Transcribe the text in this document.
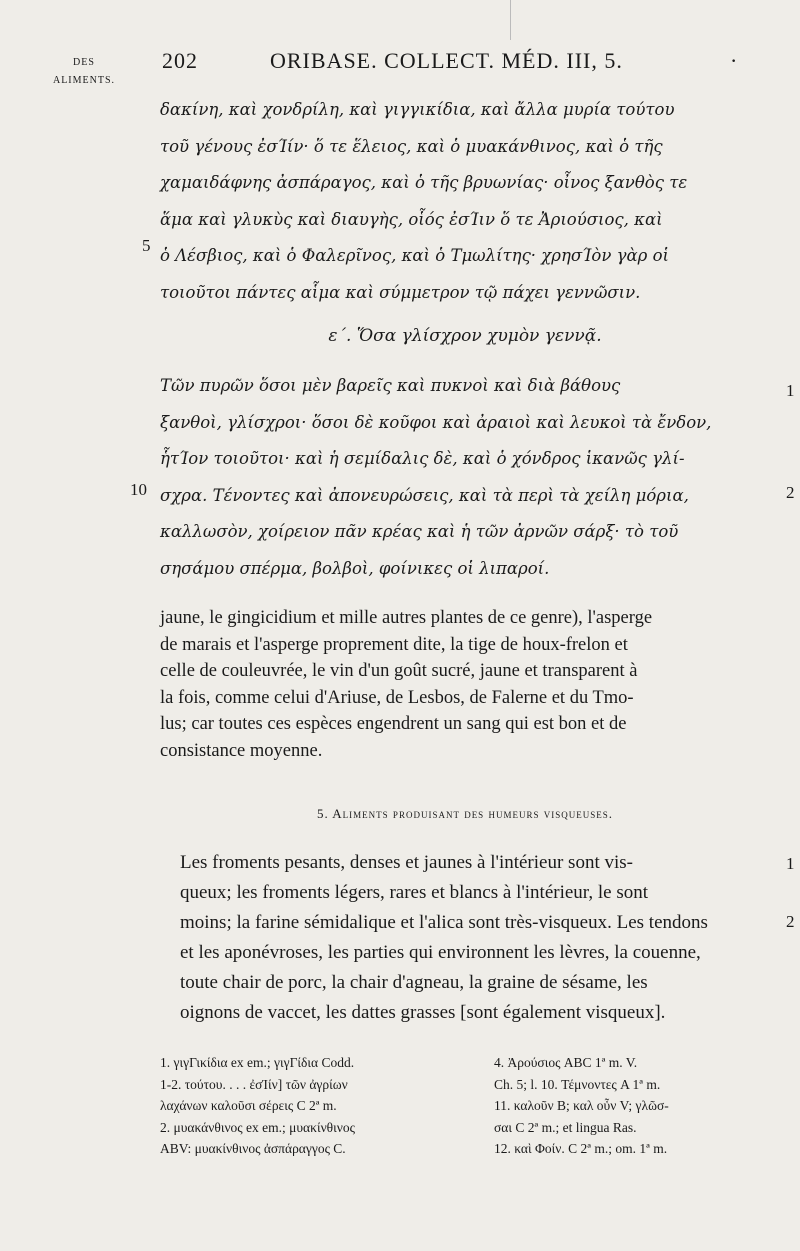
DES
ALIMENTS.
202	ORIBASE. COLLECT. MÉD. III, 5.	·
δακίνη, καὶ χονδρίλη, καὶ γιγγικίδια, καὶ ἄλλα μυρία τούτου
τοῦ γένους ἐσΊίν· ὅ τε ἕλειος, καὶ ὁ μυακάνθινος, καὶ ὁ τῆς
χαμαιδάφνης ἀσπάραγος, καὶ ὁ τῆς βρυωνίας· οἶνος ξανθὸς τε
ἅμα καὶ γλυκὺς καὶ διαυγὴς, οἷός ἐσΊιν ὅ τε Ἀριούσιος, καὶ
ὁ Λέσβιος, καὶ ὁ Φαλερῖνος, καὶ ὁ Τμωλίτης· χρησΊὸν γὰρ οἱ
τοιοῦτοι πάντες αἷμα καὶ σύμμετρον τῷ πάχει γεννῶσιν.
5
ε΄. Ὅσα γλίσχρον χυμὸν γεννᾷ.
Τῶν πυρῶν ὅσοι μὲν βαρεῖς καὶ πυκνοὶ καὶ διὰ βάθους
ξανθοὶ, γλίσχροι· ὅσοι δὲ κοῦφοι καὶ ἀραιοὶ καὶ λευκοὶ τὰ ἔνδον,
ἧτΊον τοιοῦτοι· καὶ ἡ σεμίδαλις δὲ, καὶ ὁ χόνδρος ἱκανῶς γλί-
σχρα. Τένοντες καὶ ἀπονευρώσεις, καὶ τὰ περὶ τὰ χείλη μόρια,
καλλωσὸν, χοίρειον πᾶν κρέας καὶ ἡ τῶν ἀρνῶν σάρξ· τὸ τοῦ
σησάμου σπέρμα, βολβοὶ, φοίνικες οἱ λιπαροί.
10
1
2
jaune, le gingicidium et mille autres plantes de ce genre), l'asperge
de marais et l'asperge proprement dite, la tige de houx-frelon et
celle de couleuvrée, le vin d'un goût sucré, jaune et transparent à
la fois, comme celui d'Ariuse, de Lesbos, de Falerne et du Tmo-
lus; car toutes ces espèces engendrent un sang qui est bon et de
consistance moyenne.
5. Aliments produisant des humeurs visqueuses.
Les froments pesants, denses et jaunes à l'intérieur sont vis-
queux; les froments légers, rares et blancs à l'intérieur, le sont
moins; la farine sémidalique et l'alica sont très-visqueux. Les tendons
et les aponévroses, les parties qui environnent les lèvres, la couenne,
toute chair de porc, la chair d'agneau, la graine de sésame, les
oignons de vaccet, les dattes grasses [sont également visqueux].
1
2
1. γιγΓικίδια ex em.; γιγΓίδια Codd.
1-2. τούτου. . . . ἐσΊίν] τῶν ἀγρίων
λαχάνων καλοῦσι σέρεις C 2ª m.
2. μυακάνθινος ex em.; μυακίνθινος
ABV: μυακίνθινος ἀσπάραγγος C.
4. Ἀρούσιος ABC 1ª m. V.
Ch. 5; l. 10. Τέμνοντες A 1ª m.
11. καλοῦν B; καλ οὖν V; γλῶσ-
σαι C 2ª m.; et lingua Ras.
12. καὶ Φοίν. C 2ª m.; om. 1ª m.
